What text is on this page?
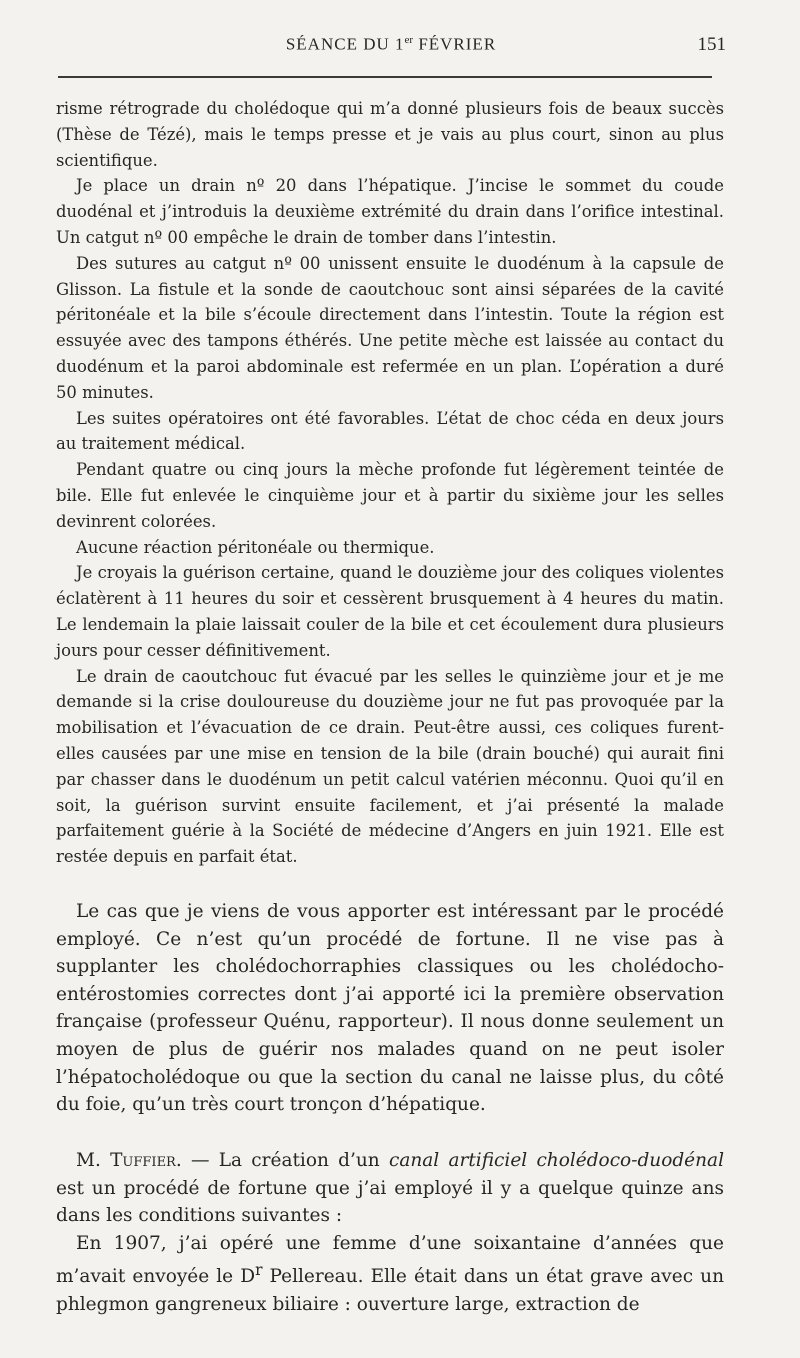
SÉANCE DU 1er FÉVRIER	151

risme rétrograde du cholédoque qui m’a donné plusieurs fois de beaux succès (Thèse de Tézé), mais le temps presse et je vais au plus court, sinon au plus scientifique.

Je place un drain nº 20 dans l’hépatique. J’incise le sommet du coude duodénal et j’introduis la deuxième extrémité du drain dans l’orifice intestinal. Un catgut nº 00 empêche le drain de tomber dans l’intestin.

Des sutures au catgut nº 00 unissent ensuite le duodénum à la capsule de Glisson. La fistule et la sonde de caoutchouc sont ainsi séparées de la cavité péritonéale et la bile s’écoule directement dans l’intestin. Toute la région est essuyée avec des tampons éthérés. Une petite mèche est laissée au contact du duodénum et la paroi abdominale est refermée en un plan. L’opération a duré 50 minutes.

Les suites opératoires ont été favorables. L’état de choc céda en deux jours au traitement médical.

Pendant quatre ou cinq jours la mèche profonde fut légèrement teintée de bile. Elle fut enlevée le cinquième jour et à partir du sixième jour les selles devinrent colorées.

Aucune réaction péritonéale ou thermique.

Je croyais la guérison certaine, quand le douzième jour des coliques violentes éclatèrent à 11 heures du soir et cessèrent brusquement à 4 heures du matin. Le lendemain la plaie laissait couler de la bile et cet écoulement dura plusieurs jours pour cesser définitivement.

Le drain de caoutchouc fut évacué par les selles le quinzième jour et je me demande si la crise douloureuse du douzième jour ne fut pas provoquée par la mobilisation et l’évacuation de ce drain. Peut-être aussi, ces coliques furent-elles causées par une mise en tension de la bile (drain bouché) qui aurait fini par chasser dans le duodénum un petit calcul vatérien méconnu. Quoi qu’il en soit, la guérison survint ensuite facilement, et j’ai présenté la malade parfaitement guérie à la Société de médecine d’Angers en juin 1921. Elle est restée depuis en parfait état.

Le cas que je viens de vous apporter est intéressant par le procédé employé. Ce n’est qu’un procédé de fortune. Il ne vise pas à supplanter les cholédochorraphies classiques ou les cholédocho-entérostomies correctes dont j’ai apporté ici la première observation française (professeur Quénu, rapporteur). Il nous donne seulement un moyen de plus de guérir nos malades quand on ne peut isoler l’hépatocholédoque ou que la section du canal ne laisse plus, du côté du foie, qu’un très court tronçon d’hépatique.

M. Tuffier. — La création d’un canal artificiel cholédoco-duodénal est un procédé de fortune que j’ai employé il y a quelque quinze ans dans les conditions suivantes :

En 1907, j’ai opéré une femme d’une soixantaine d’années que m’avait envoyée le $D^r$ Pellereau. Elle était dans un état grave avec un phlegmon gangreneux biliaire : ouverture large, extraction de
